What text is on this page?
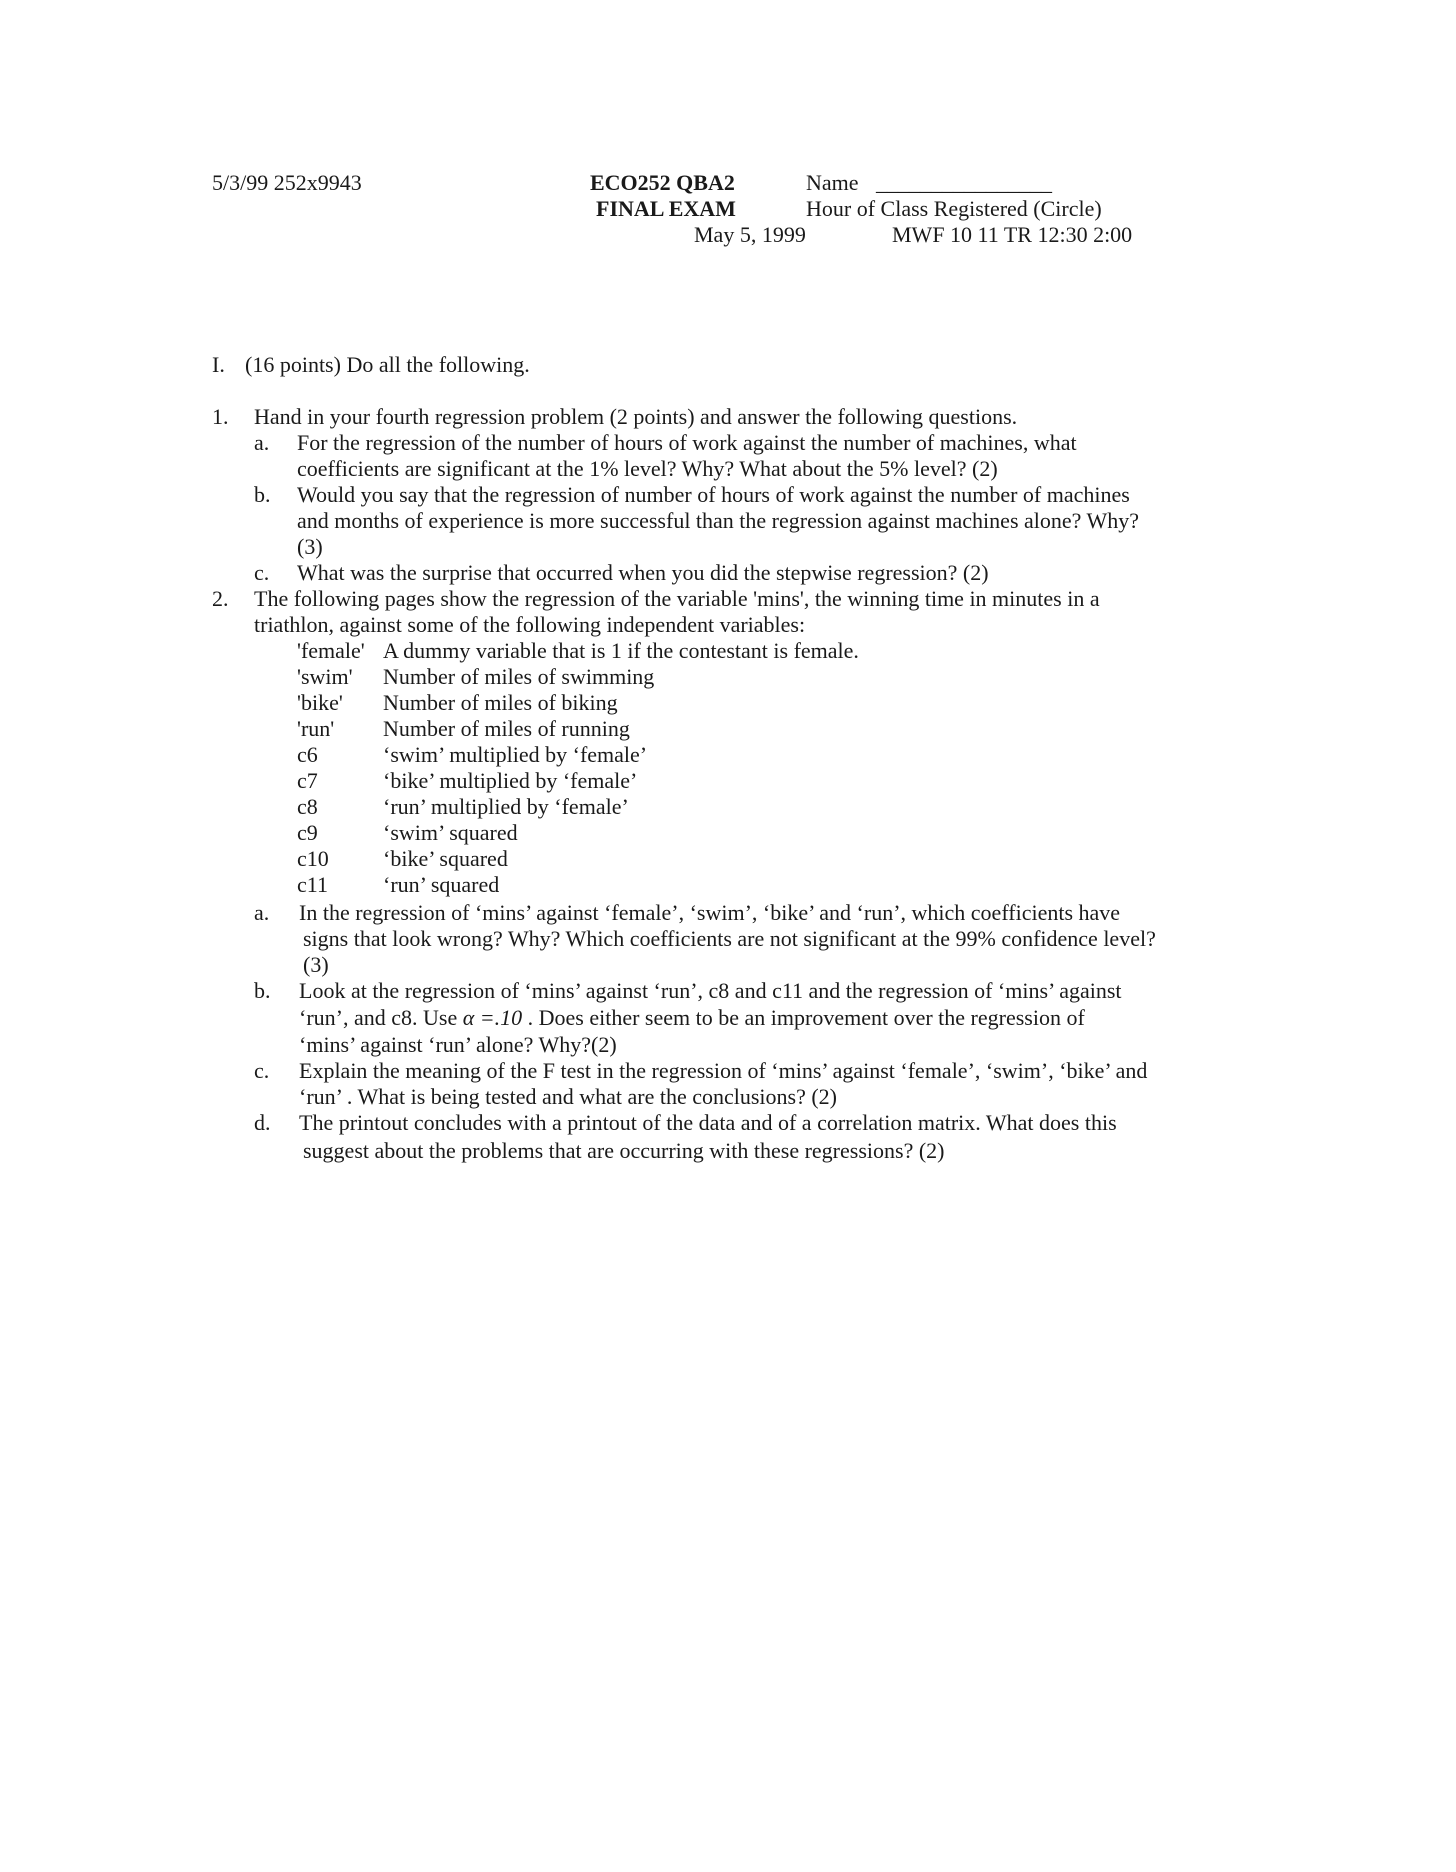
5/3/99 252x9943	ECO252 QBA2
FINAL EXAM
May 5, 1999
Name ________________
Hour of Class Registered (Circle)
MWF 10 11 TR 12:30 2:00
I. (16 points) Do all the following.
1. Hand in your fourth regression problem (2 points) and answer the following questions.
a. For the regression of the number of hours of work against the number of machines, what
coefficients are significant at the 1% level? Why? What about the 5% level? (2)
b. Would you say that the regression of number of hours of work against the number of machines
and months of experience is more successful than the regression against machines alone? Why?
(3)
c. What was the surprise that occurred when you did the stepwise regression? (2)
2. The following pages show the regression of the variable 'mins', the winning time in minutes in a
triathlon, against some of the following independent variables:
'female' A dummy variable that is 1 if the contestant is female.
'swim' Number of miles of swimming
'bike' Number of miles of biking
'run' Number of miles of running
c6	‘swim’ multiplied by ‘female’
c7	‘bike’ multiplied by ‘female’
c8	‘run’ multiplied by ‘female’
c9	‘swim’ squared
c10 ‘bike’ squared
c11	‘run’ squared
a. In the regression of ‘mins’ against ‘female’, ‘swim’, ‘bike’ and ‘run’, which coefficients have
signs that look wrong? Why? Which coefficients are not significant at the 99% confidence level?
(3)
b. Look at the regression of ‘mins’ against ‘run’, c8 and c11 and the regression of ‘mins’ against
‘run’, and c8. Use α =.10 . Does either seem to be an improvement over the regression of
‘mins’ against ‘run’ alone? Why?(2)
c. Explain the meaning of the F test in the regression of ‘mins’ against ‘female’, ‘swim’, ‘bike’ and
‘run’ . What is being tested and what are the conclusions? (2)
d. The printout concludes with a printout of the data and of a correlation matrix. What does this
suggest about the problems that are occurring with these regressions? (2)
